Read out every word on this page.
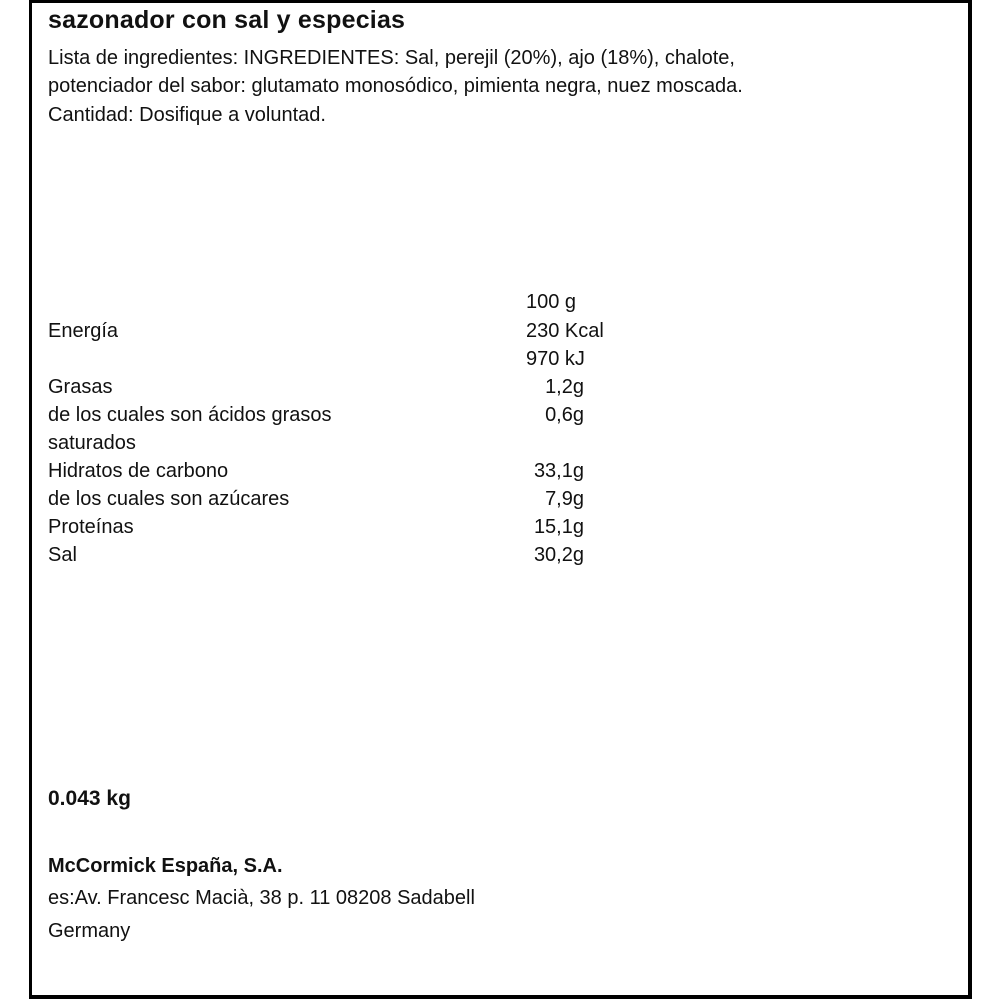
sazonador con sal y especias
Lista de ingredientes: INGREDIENTES: Sal, perejil (20%), ajo (18%), chalote,
potenciador del sabor: glutamato monosódico, pimienta negra, nuez moscada.
Cantidad: Dosifique a voluntad.
100 g
Energía	230 Kcal
970 kJ
Grasas	1,2g
de los cuales son ácidos grasos	0,6g
saturados
Hidratos de carbono	33,1g
de los cuales son azúcares	7,9g
Proteínas	15,1g
Sal	30,2g
0.043 kg
McCormick España, S.A.
es:Av. Francesc Macià, 38 p. 11 08208 Sadabell
Germany
